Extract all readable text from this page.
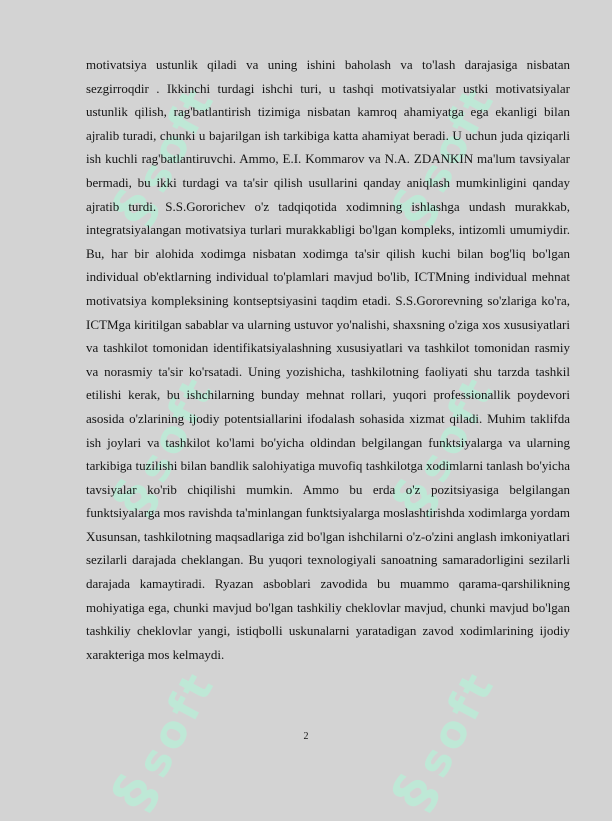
§soft
§soft
§soft
§soft
§soft
§soft

motivatsiya ustunlik qiladi va uning ishini baholash va to'lash darajasiga nisbatan sezgirroqdir . Ikkinchi turdagi ishchi turi, u tashqi motivatsiyalar ustki motivatsiyalar ustunlik qilish, rag'batlantirish tizimiga nisbatan kamroq ahamiyatga ega ekanligi bilan ajralib turadi, chunki u bajarilgan ish tarkibiga katta ahamiyat beradi. U uchun juda qiziqarli ish kuchli rag'batlantiruvchi. Ammo, E.I. Kommarov va N.A. ZDANKIN ma'lum tavsiyalar bermadi, bu ikki turdagi va ta'sir qilish usullarini qanday aniqlash mumkinligini qanday ajratib turdi. S.S.Gororichev o'z tadqiqotida xodimning ishlashga undash murakkab, integratsiyalangan motivatsiya turlari murakkabligi bo'lgan kompleks, intizomli umumiydir. Bu, har bir alohida xodimga nisbatan xodimga ta'sir qilish kuchi bilan bog'liq bo'lgan individual ob'ektlarning individual to'plamlari mavjud bo'lib, ICTMning individual mehnat motivatsiya kompleksining kontseptsiyasini taqdim etadi. S.S.Gororevning so'zlariga ko'ra, ICTMga kiritilgan sabablar va ularning ustuvor yo'nalishi, shaxsning o'ziga xos xususiyatlari va tashkilot tomonidan identifikatsiyalashning xususiyatlari va tashkilot tomonidan rasmiy va norasmiy ta'sir ko'rsatadi. Uning yozishicha, tashkilotning faoliyati shu tarzda tashkil etilishi kerak, bu ishchilarning bunday mehnat rollari, yuqori professionallik poydevori asosida o'zlarining ijodiy potentsiallarini ifodalash sohasida xizmat qiladi. Muhim taklifda ish joylari va tashkilot ko'lami bo'yicha oldindan belgilangan funktsiyalarga va ularning tarkibiga tuzilishi bilan bandlik salohiyatiga muvofiq tashkilotga xodimlarni tanlash bo'yicha tavsiyalar ko'rib chiqilishi mumkin. Ammo bu erda o'z pozitsiyasiga belgilangan funktsiyalarga mos ravishda ta'minlangan funktsiyalarga moslashtirishda xodimlarga yordam Xusunsan, tashkilotning maqsadlariga zid bo'lgan ishchilarni o'z-o'zini anglash imkoniyatlari sezilarli darajada cheklangan. Bu yuqori texnologiyali sanoatning samaradorligini sezilarli darajada kamaytiradi. Ryazan asboblari zavodida bu muammo qarama-qarshilikning mohiyatiga ega, chunki mavjud bo'lgan tashkiliy cheklovlar mavjud, chunki mavjud bo'lgan tashkiliy cheklovlar yangi, istiqbolli uskunalarni yaratadigan zavod xodimlarining ijodiy xarakteriga mos kelmaydi.

2
